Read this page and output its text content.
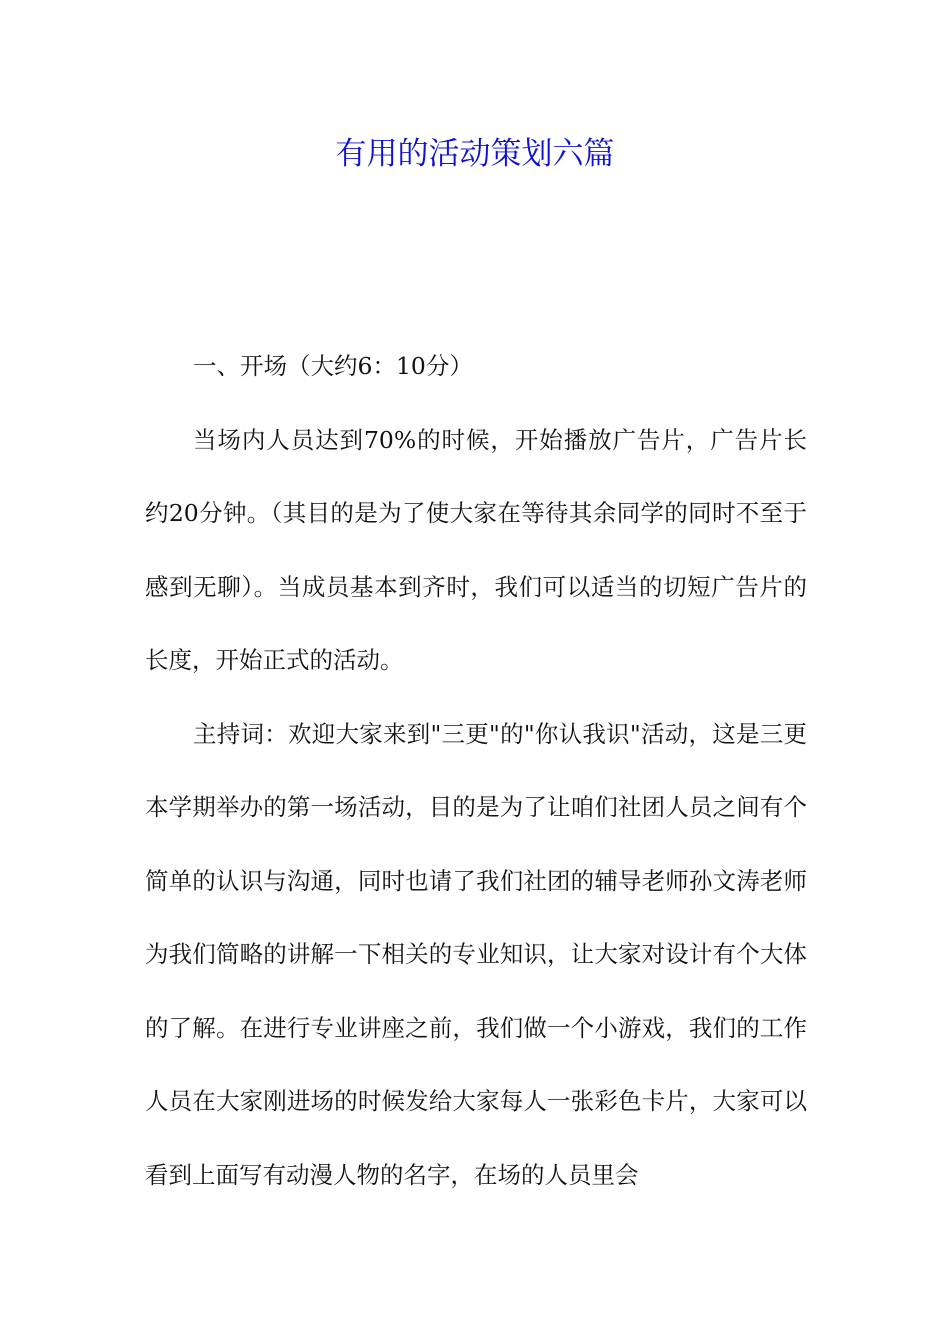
有用的活动策划六篇

一、开场（大约6：10分）

当场内人员达到70%的时候，开始播放广告片，广告片长约20分钟。（其目的是为了使大家在等待其余同学的同时不至于感到无聊）。当成员基本到齐时，我们可以适当的切短广告片的长度，开始正式的活动。

主持词：欢迎大家来到"三更"的"你认我识"活动，这是三更本学期举办的第一场活动，目的是为了让咱们社团人员之间有个简单的认识与沟通，同时也请了我们社团的辅导老师孙文涛老师为我们简略的讲解一下相关的专业知识，让大家对设计有个大体的了解。在进行专业讲座之前，我们做一个小游戏，我们的工作人员在大家刚进场的时候发给大家每人一张彩色卡片，大家可以看到上面写有动漫人物的名字，在场的人员里会
